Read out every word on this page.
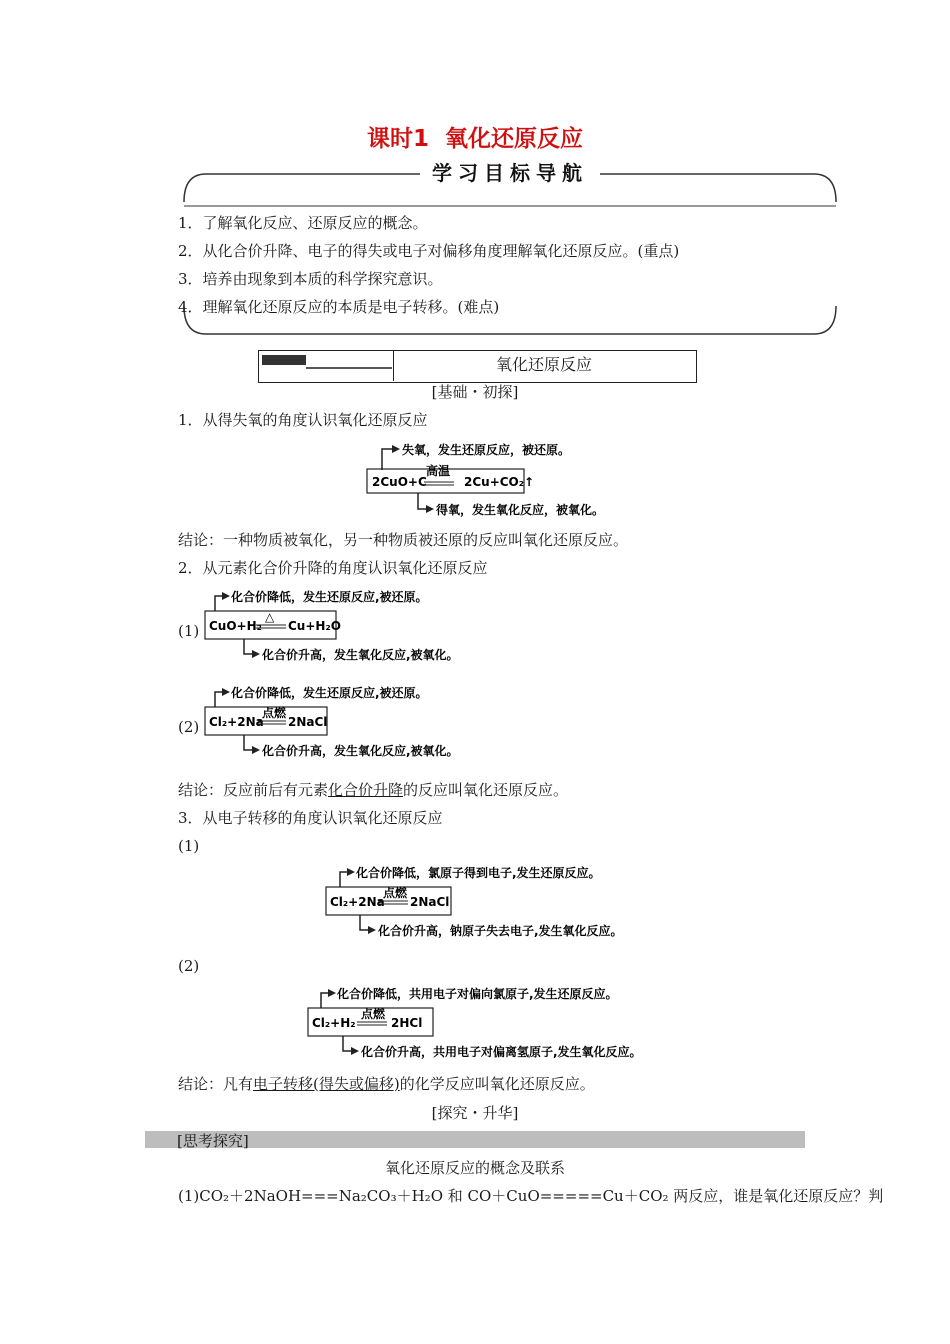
课时1 氧化还原反应
学习目标导航
1．了解氧化反应、还原反应的概念。
2．从化合价升降、电子的得失或电子对偏移角度理解氧化还原反应。(重点)
3．培养由现象到本质的科学探究意识。
4．理解氧化还原反应的本质是电子转移。(难点)
氧化还原反应
[基础・初探]
1．从得失氧的角度认识氧化还原反应
失氧，发生还原反应，被还原。
2CuO+C
高温
2Cu+CO₂↑
得氧，发生氧化反应，被氧化。
结论：一种物质被氧化，另一种物质被还原的反应叫氧化还原反应。
2．从元素化合价升降的角度认识氧化还原反应
(1)
化合价降低，发生还原反应,被还原。
CuO+H₂
△
Cu+H₂O
化合价升高，发生氧化反应,被氧化。
(2)
化合价降低，发生还原反应,被还原。
Cl₂+2Na
点燃
2NaCl
化合价升高，发生氧化反应,被氧化。
结论：反应前后有元素化合价升降的反应叫氧化还原反应。
3．从电子转移的角度认识氧化还原反应
(1)
化合价降低，氯原子得到电子,发生还原反应。
Cl₂+2Na
点燃
2NaCl
化合价升高，钠原子失去电子,发生氧化反应。
(2)
化合价降低，共用电子对偏向氯原子,发生还原反应。
Cl₂+H₂
点燃
2HCl
化合价升高，共用电子对偏离氢原子,发生氧化反应。
结论：凡有电子转移(得失或偏移)的化学反应叫氧化还原反应。
[探究・升华]
[思考探究]
氧化还原反应的概念及联系
(1)CO₂＋2NaOH===Na₂CO₃＋H₂O 和 CO＋CuO=====Cu＋CO₂ 两反应，谁是氧化还原反应？判
